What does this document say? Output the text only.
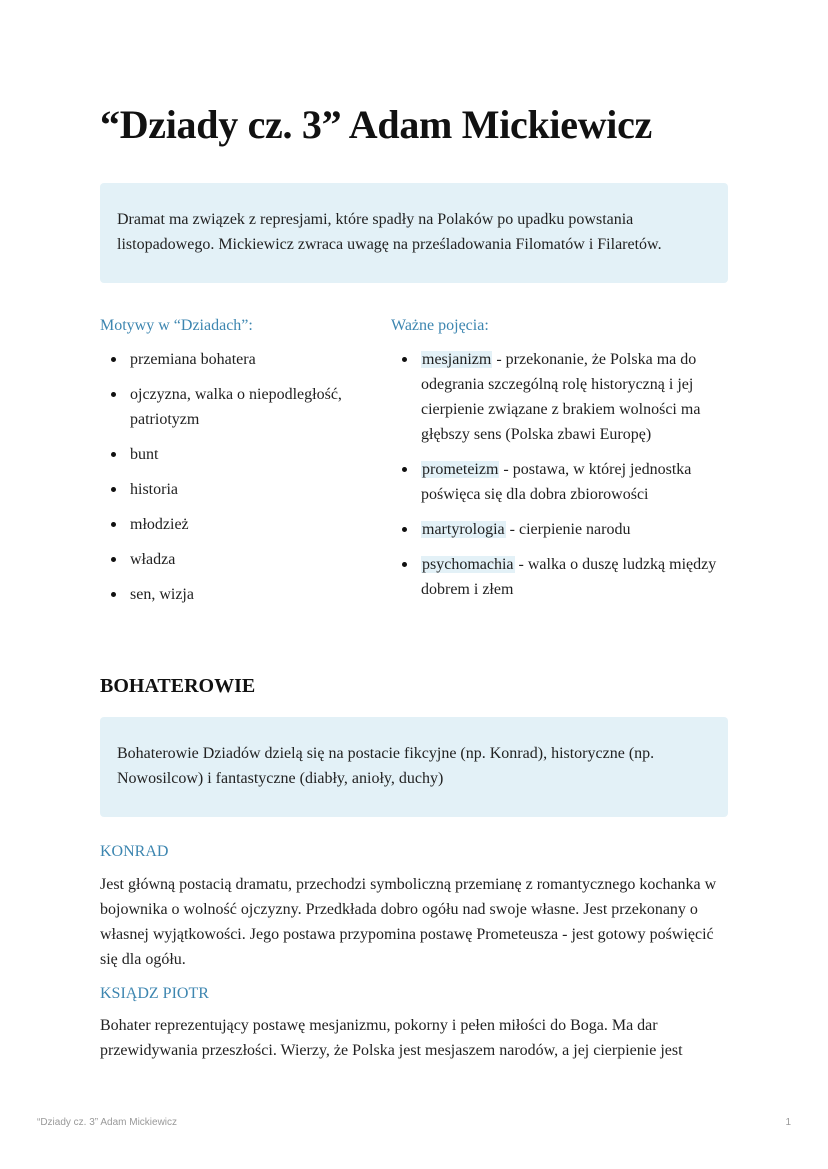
“Dziady cz. 3” Adam Mickiewicz
Dramat ma związek z represjami, które spadły na Polaków po upadku powstania listopadowego. Mickiewicz zwraca uwagę na prześladowania Filomatów i Filaretów.
Motywy w “Dziadach”:
przemiana bohatera
ojczyzna, walka o niepodległość, patriotyzm
bunt
historia
młodzież
władza
sen, wizja
Ważne pojęcia:
mesjanizm - przekonanie, że Polska ma do odegrania szczególną rolę historyczną i jej cierpienie związane z brakiem wolności ma głębszy sens (Polska zbawi Europę)
prometeizm - postawa, w której jednostka poświęca się dla dobra zbiorowości
martyrologia - cierpienie narodu
psychomachia - walka o duszę ludzką między dobrem i złem
BOHATEROWIE
Bohaterowie Dziadów dzielą się na postacie fikcyjne (np. Konrad), historyczne (np. Nowosilcow) i fantastyczne (diabły, anioły, duchy)
KONRAD

Jest główną postacią dramatu, przechodzi symboliczną przemianę z romantycznego kochanka w bojownika o wolność ojczyzny. Przedkłada dobro ogółu nad swoje własne. Jest przekonany o własnej wyjątkowości. Jego postawa przypomina postawę Prometeusza - jest gotowy poświęcić się dla ogółu.

KSIĄDZ PIOTR

Bohater reprezentujący postawę mesjanizmu, pokorny i pełen miłości do Boga. Ma dar przewidywania przeszłości. Wierzy, że Polska jest mesjaszem narodów, a jej cierpienie jest

“Dziady cz. 3” Adam Mickiewicz	1
